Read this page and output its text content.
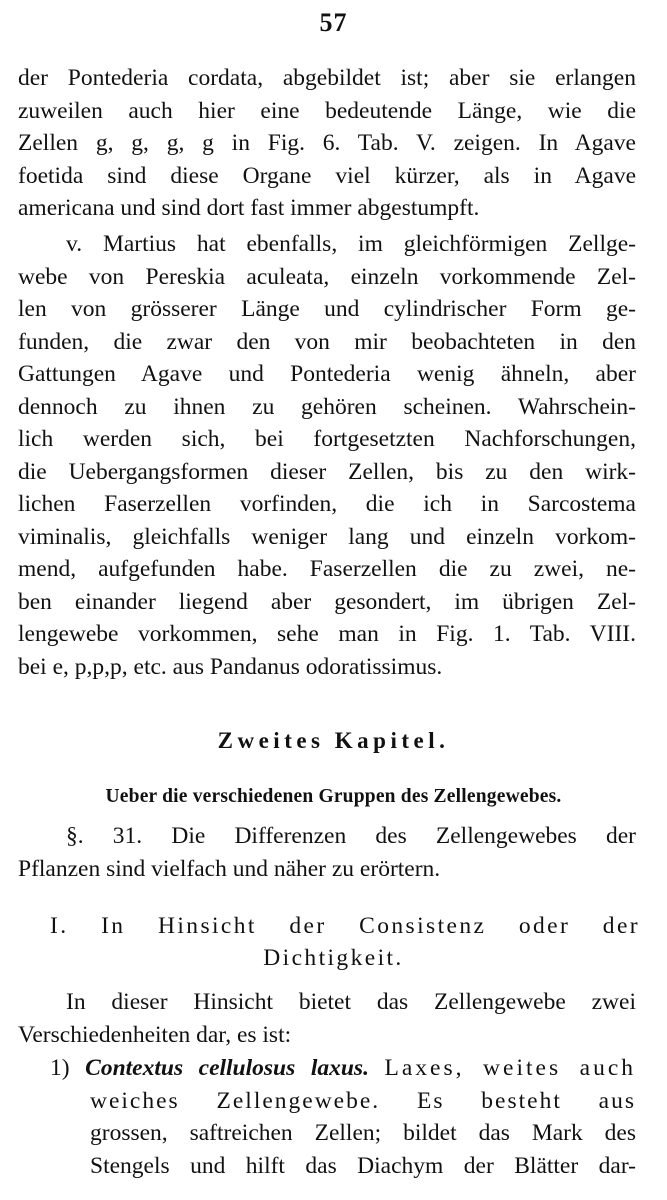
57
der Pontederia cordata, abgebildet ist; aber sie erlangen
zuweilen auch hier eine bedeutende Länge, wie die
Zellen g, g, g, g in Fig. 6. Tab. V. zeigen. In Agave
foetida sind diese Organe viel kürzer, als in Agave
americana und sind dort fast immer abgestumpft.
v. Martius hat ebenfalls, im gleichförmigen Zellge-
webe von Pereskia aculeata, einzeln vorkommende Zel-
len von grösserer Länge und cylindrischer Form ge-
funden, die zwar den von mir beobachteten in den
Gattungen Agave und Pontederia wenig ähneln, aber
dennoch zu ihnen zu gehören scheinen. Wahrschein-
lich werden sich, bei fortgesetzten Nachforschungen,
die Uebergangsformen dieser Zellen, bis zu den wirk-
lichen Faserzellen vorfinden, die ich in Sarcostema
viminalis, gleichfalls weniger lang und einzeln vorkom-
mend, aufgefunden habe. Faserzellen die zu zwei, ne-
ben einander liegend aber gesondert, im übrigen Zel-
lengewebe vorkommen, sehe man in Fig. 1. Tab. VIII.
bei e, p,p,p, etc. aus Pandanus odoratissimus.
Zweites Kapitel.
Ueber die verschiedenen Gruppen des Zellengewebes.
§. 31. Die Differenzen des Zellengewebes der
Pflanzen sind vielfach und näher zu erörtern.
I. In Hinsicht der Consistenz oder der
Dichtigkeit.
In dieser Hinsicht bietet das Zellengewebe zwei
Verschiedenheiten dar, es ist:
1) Contextus cellulosus laxus. Laxes, weites auch
weiches Zellengewebe. Es besteht aus
grossen, saftreichen Zellen; bildet das Mark des
Stengels und hilft das Diachym der Blätter dar-
